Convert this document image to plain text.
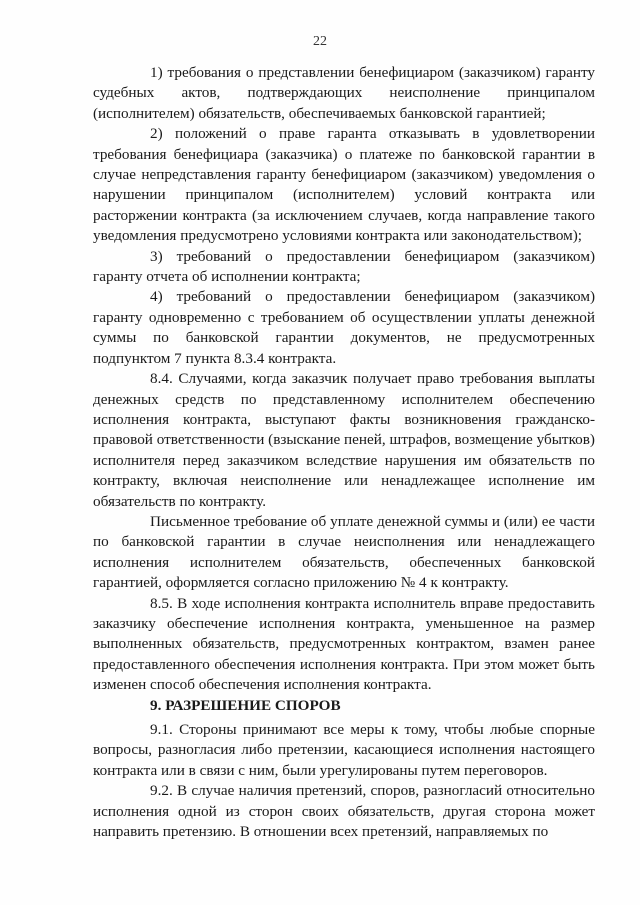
22

1) требования о представлении бенефициаром (заказчиком) гаранту судебных актов, подтверждающих неисполнение принципалом (исполнителем) обязательств, обеспечиваемых банковской гарантией;

2) положений о праве гаранта отказывать в удовлетворении требования бенефициара (заказчика) о платеже по банковской гарантии в случае непредставления гаранту бенефициаром (заказчиком) уведомления о нарушении принципалом (исполнителем) условий контракта или расторжении контракта (за исключением случаев, когда направление такого уведомления предусмотрено условиями контракта или законодательством);

3) требований о предоставлении бенефициаром (заказчиком) гаранту отчета об исполнении контракта;

4) требований о предоставлении бенефициаром (заказчиком) гаранту одновременно с требованием об осуществлении уплаты денежной суммы по банковской гарантии документов, не предусмотренных подпунктом 7 пункта 8.3.4 контракта.

8.4. Случаями, когда заказчик получает право требования выплаты денежных средств по представленному исполнителем обеспечению исполнения контракта, выступают факты возникновения гражданско-правовой ответственности (взыскание пеней, штрафов, возмещение убытков) исполнителя перед заказчиком вследствие нарушения им обязательств по контракту, включая неисполнение или ненадлежащее исполнение им обязательств по контракту.

Письменное требование об уплате денежной суммы и (или) ее части по банковской гарантии в случае неисполнения или ненадлежащего исполнения исполнителем обязательств, обеспеченных банковской гарантией, оформляется согласно приложению № 4 к контракту.

8.5. В ходе исполнения контракта исполнитель вправе предоставить заказчику обеспечение исполнения контракта, уменьшенное на размер выполненных обязательств, предусмотренных контрактом, взамен ранее предоставленного обеспечения исполнения контракта. При этом может быть изменен способ обеспечения исполнения контракта.

9. РАЗРЕШЕНИЕ СПОРОВ

9.1. Стороны принимают все меры к тому, чтобы любые спорные вопросы, разногласия либо претензии, касающиеся исполнения настоящего контракта или в связи с ним, были урегулированы путем переговоров.

9.2. В случае наличия претензий, споров, разногласий относительно исполнения одной из сторон своих обязательств, другая сторона может направить претензию. В отношении всех претензий, направляемых по
